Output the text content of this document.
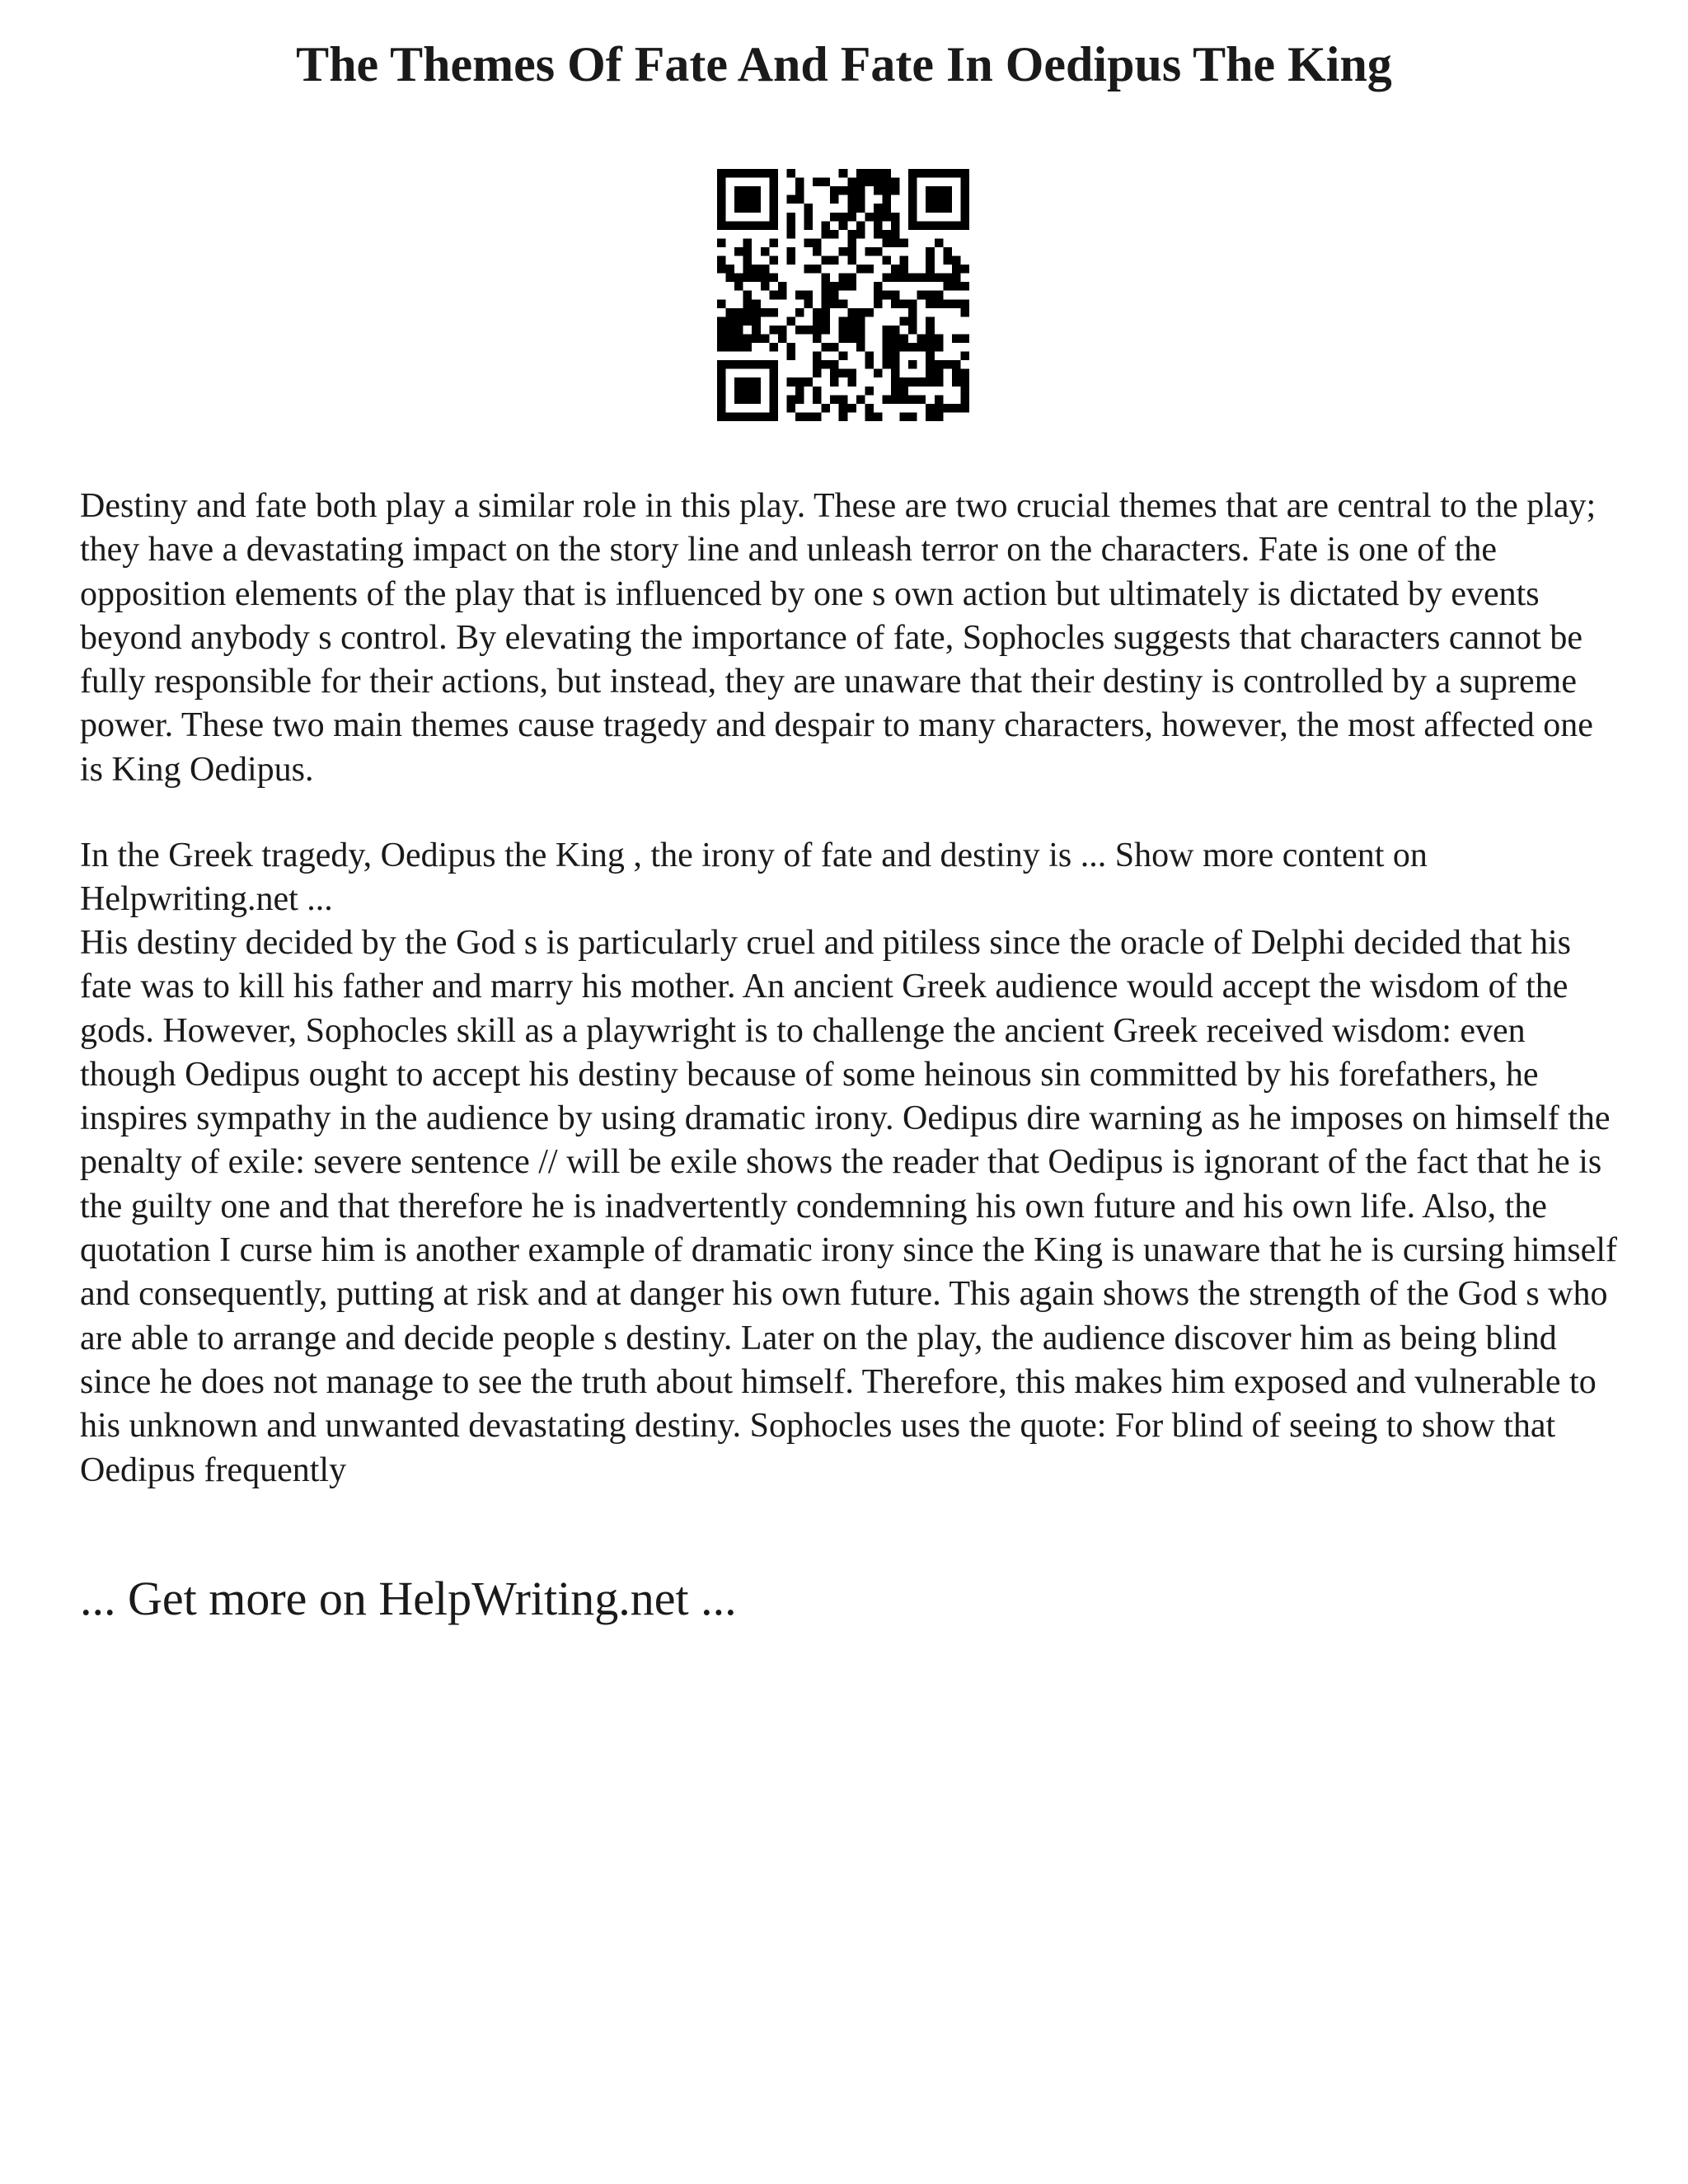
The Themes Of Fate And Fate In Oedipus The King

Destiny and fate both play a similar role in this play. These are two crucial themes that are central to the play; they have a devastating impact on the story line and unleash terror on the characters. Fate is one of the opposition elements of the play that is influenced by one s own action but ultimately is dictated by events beyond anybody s control. By elevating the importance of fate, Sophocles suggests that characters cannot be fully responsible for their actions, but instead, they are unaware that their destiny is controlled by a supreme power. These two main themes cause tragedy and despair to many characters, however, the most affected one is King Oedipus.

In the Greek tragedy, Oedipus the King , the irony of fate and destiny is ... Show more content on Helpwriting.net ...

His destiny decided by the God s is particularly cruel and pitiless since the oracle of Delphi decided that his fate was to kill his father and marry his mother. An ancient Greek audience would accept the wisdom of the gods. However, Sophocles skill as a playwright is to challenge the ancient Greek received wisdom: even though Oedipus ought to accept his destiny because of some heinous sin committed by his forefathers, he inspires sympathy in the audience by using dramatic irony. Oedipus dire warning as he imposes on himself the penalty of exile: severe sentence // will be exile shows the reader that Oedipus is ignorant of the fact that he is the guilty one and that therefore he is inadvertently condemning his own future and his own life. Also, the quotation I curse him is another example of dramatic irony since the King is unaware that he is cursing himself and consequently, putting at risk and at danger his own future. This again shows the strength of the God s who are able to arrange and decide people s destiny. Later on the play, the audience discover him as being blind since he does not manage to see the truth about himself. Therefore, this makes him exposed and vulnerable to his unknown and unwanted devastating destiny. Sophocles uses the quote: For blind of seeing to show that Oedipus frequently

... Get more on HelpWriting.net ...
